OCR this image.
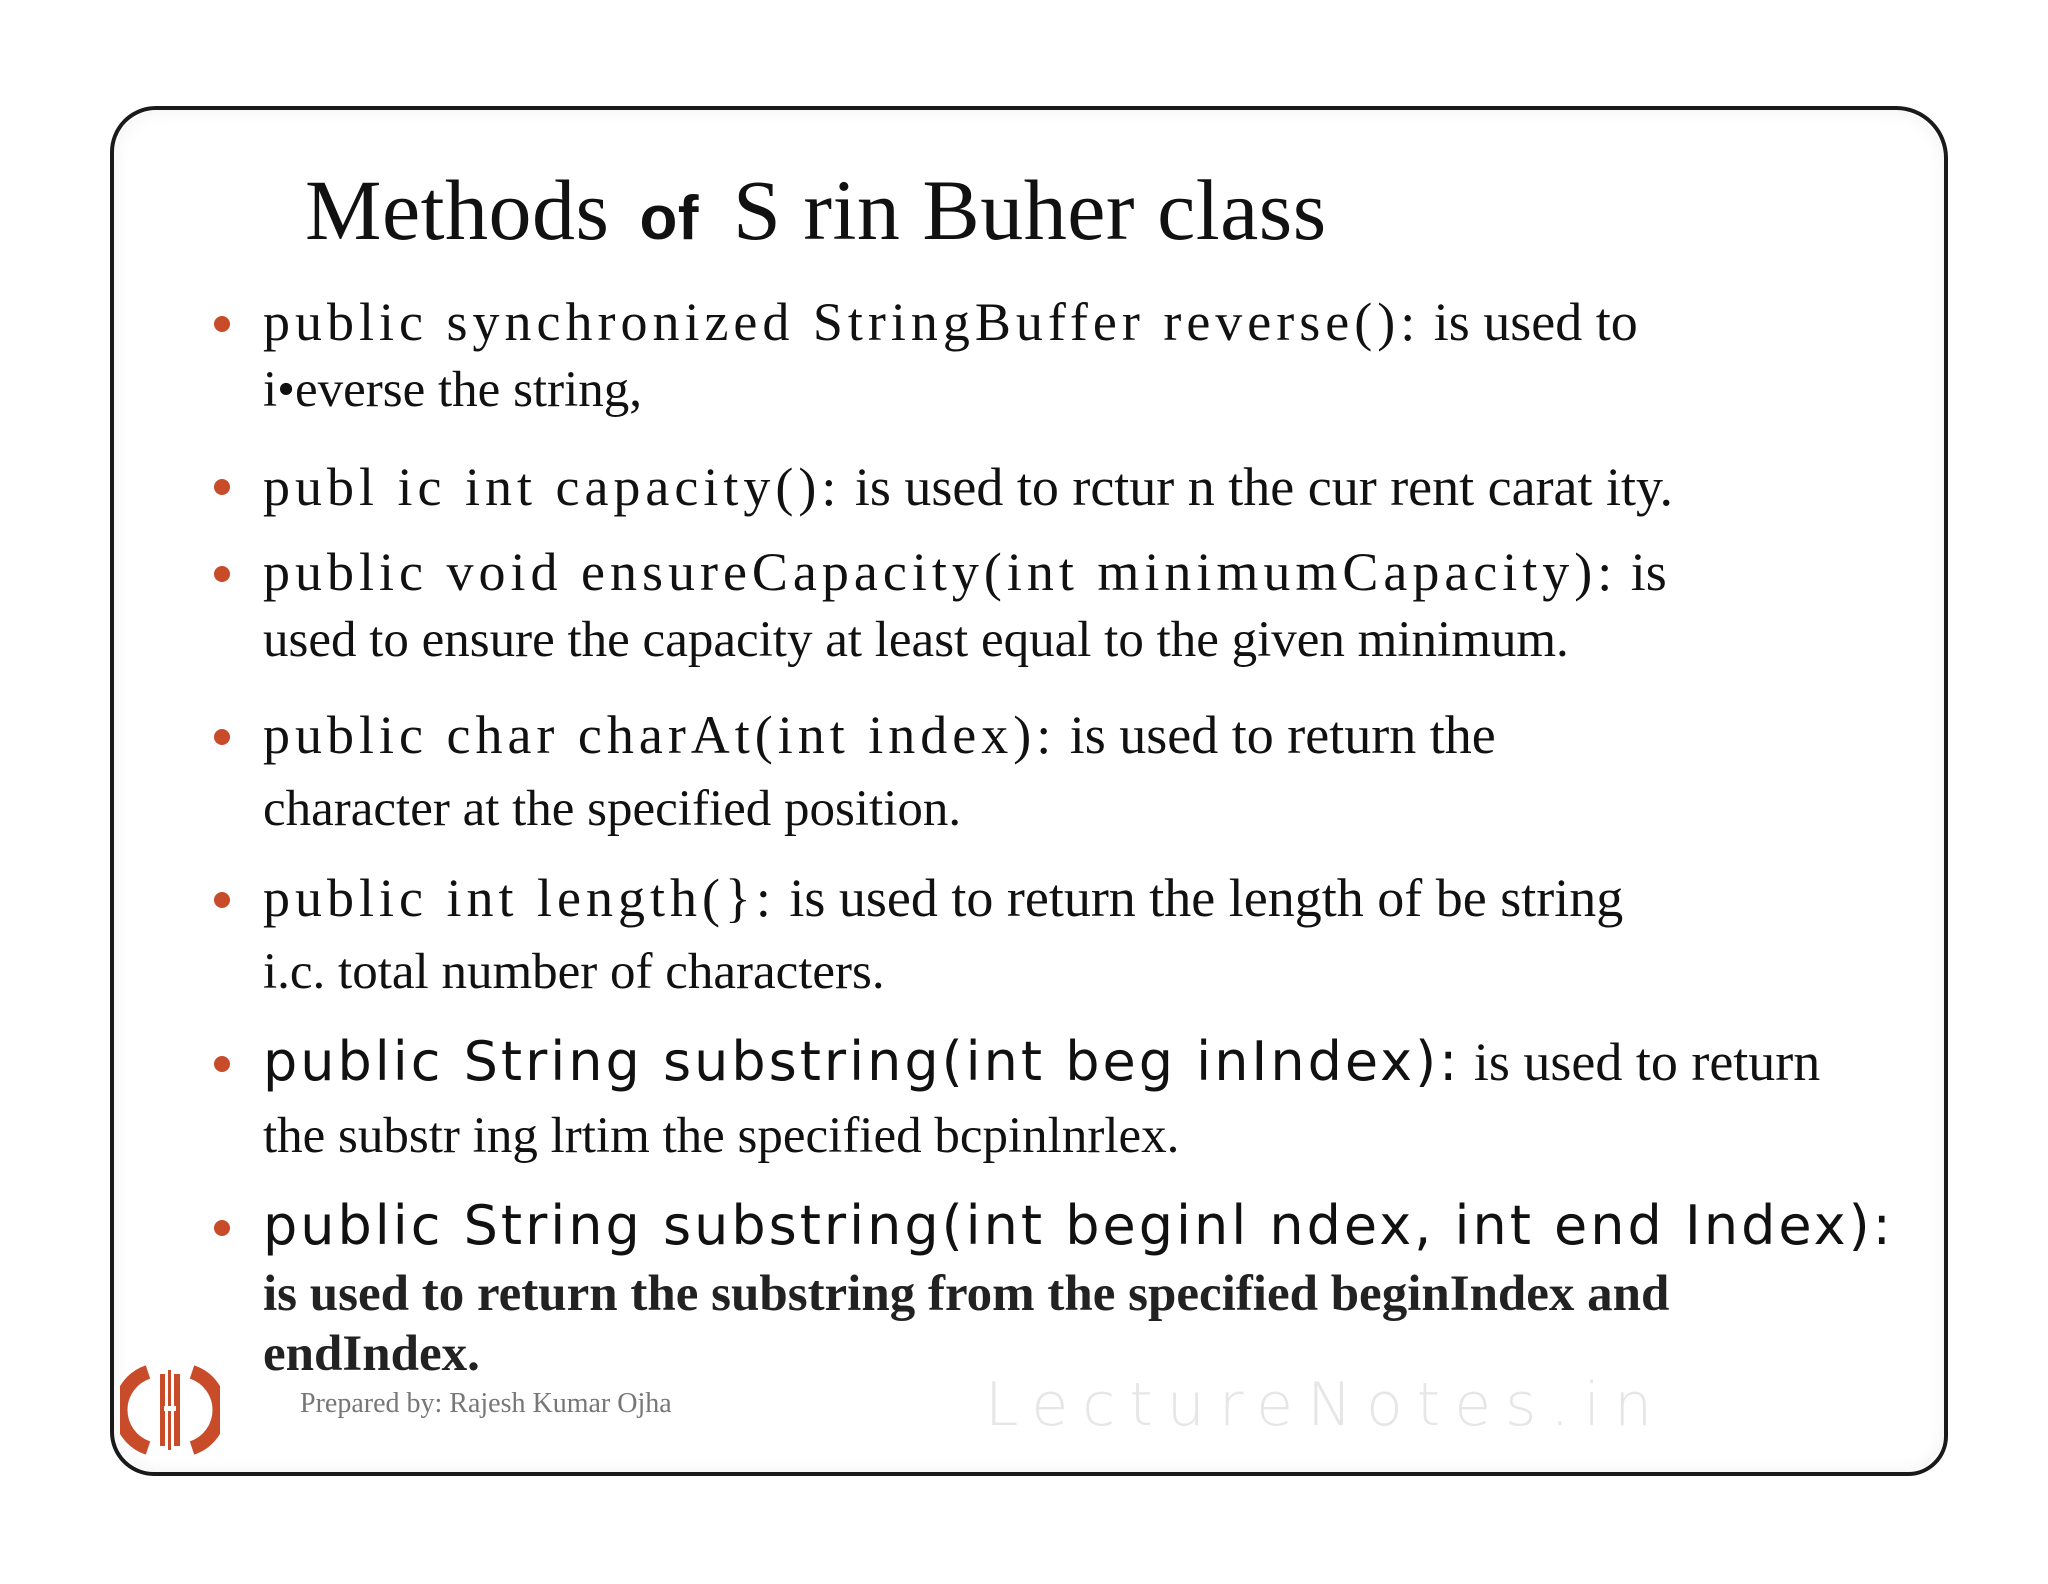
Methods of S rin Buher class
public synchronized StringBuffer reverse(): is used to
i•everse the string,
publ ic int capacity(): is used to rctur n the cur rent carat ity.
public void ensureCapacity(int minimumCapacity): is
used to ensure the capacity at least equal to the given minimum.
public char charAt(int index): is used to return the
character at the specified position.
public int length(}: is used to return the length of be string
i.c. total number of characters.
public String substring(int beg inIndex): is used to return
the substr ing lrtim the specified bcpinlnrlex.
public String substring(int beginl ndex, int end Index):
is used to return the substring from the specified beginIndex and
endIndex.
Prepared by: Rajesh Kumar Ojha	LectureNotes.in
